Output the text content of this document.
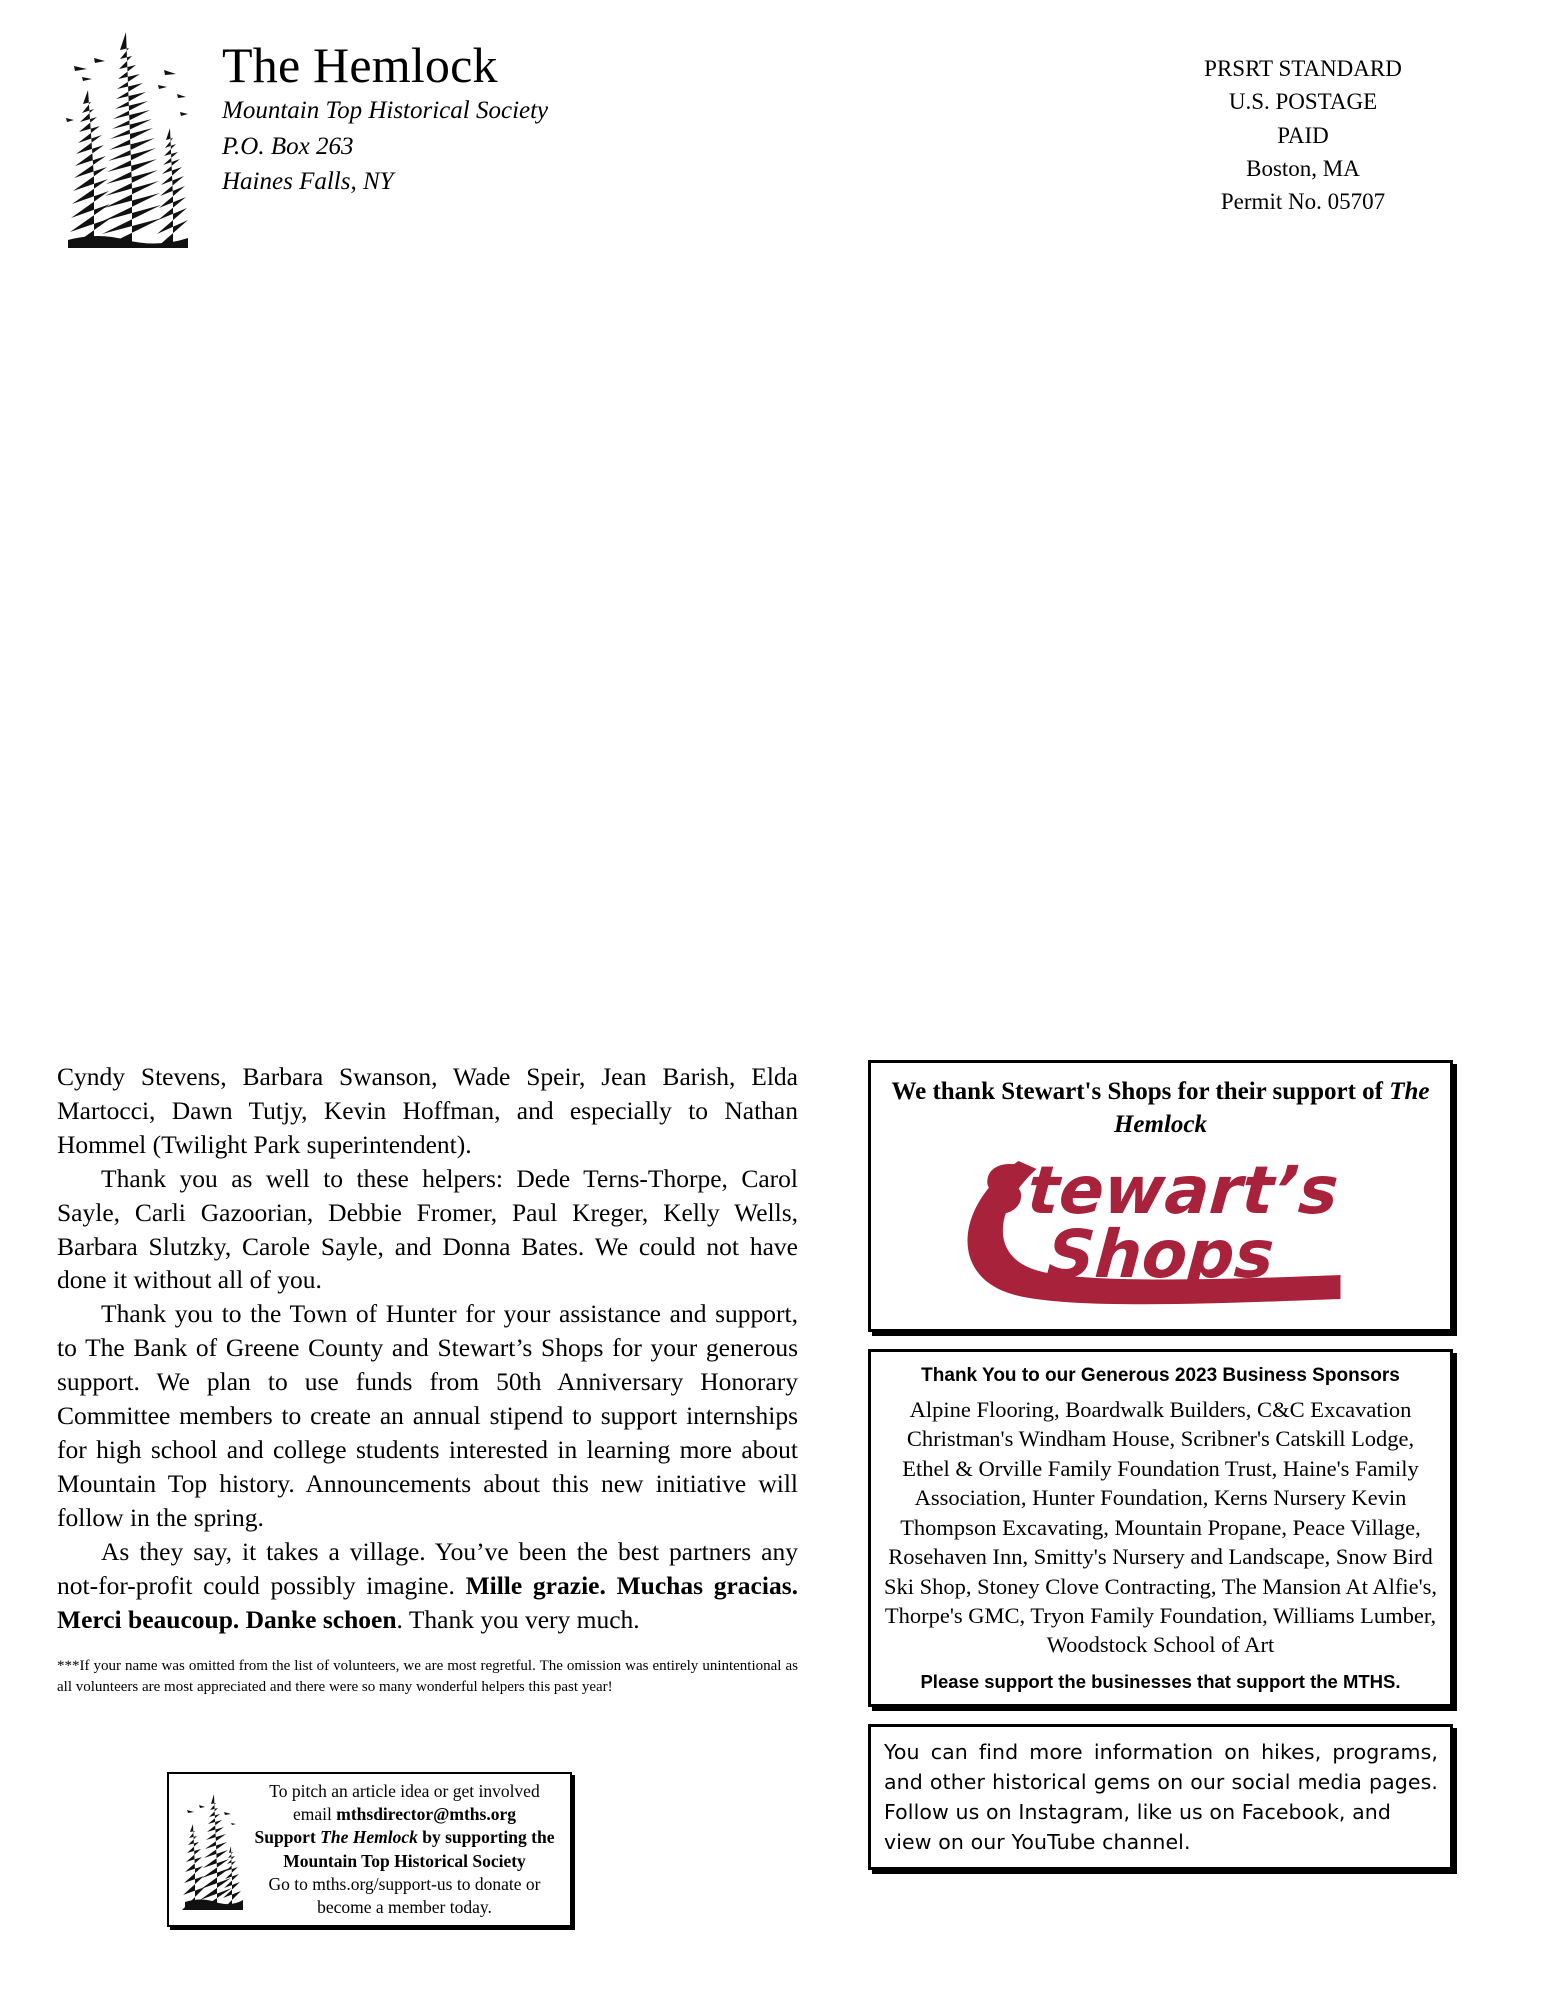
The Hemlock
Mountain Top Historical Society
P.O. Box 263
Haines Falls, NY
PRSRT STANDARD
U.S. POSTAGE
PAID
Boston, MA
Permit No. 05707

Cyndy Stevens, Barbara Swanson, Wade Speir, Jean Barish, Elda Martocci, Dawn Tutjy, Kevin Hoffman, and especially to Nathan Hommel (Twilight Park superintendent).

Thank you as well to these helpers: Dede Terns-Thorpe, Carol Sayle, Carli Gazoorian, Debbie Fromer, Paul Kreger, Kelly Wells, Barbara Slutzky, Carole Sayle, and Donna Bates. We could not have done it without all of you.

Thank you to the Town of Hunter for your assistance and support, to The Bank of Greene County and Stewart’s Shops for your generous support. We plan to use funds from 50th Anniversary Honorary Committee members to create an annual stipend to support internships for high school and college students interested in learning more about Mountain Top history. Announcements about this new initiative will follow in the spring.

As they say, it takes a village. You’ve been the best partners any not-for-profit could possibly imagine. Mille grazie. Muchas gracias. Merci beaucoup. Danke schoen. Thank you very much.

***If your name was omitted from the list of volunteers, we are most regretful. The omission was entirely unintentional as all volunteers are most appreciated and there were so many wonderful helpers this past year!

We thank Stewart's Shops for their support of The Hemlock
Stewart’s
Shops
Thank You to our Generous 2023 Business Sponsors
Alpine Flooring, Boardwalk Builders, C&C Excavation Christman's Windham House, Scribner's Catskill Lodge, Ethel & Orville Family Foundation Trust, Haine's Family Association, Hunter Foundation, Kerns Nursery Kevin Thompson Excavating, Mountain Propane, Peace Village, Rosehaven Inn, Smitty's Nursery and Landscape, Snow Bird Ski Shop, Stoney Clove Contracting, The Mansion At Alfie's, Thorpe's GMC, Tryon Family Foundation, Williams Lumber, Woodstock School of Art
Please support the businesses that support the MTHS.
You can find more information on hikes, programs, and other historical gems on our social media pages. Follow us on Instagram, like us on Facebook, and
view on our YouTube channel.
To pitch an article idea or get involved
email mthsdirector@mths.org
Support The Hemlock by supporting the
Mountain Top Historical Society
Go to mths.org/support-us to donate or
become a member today.
